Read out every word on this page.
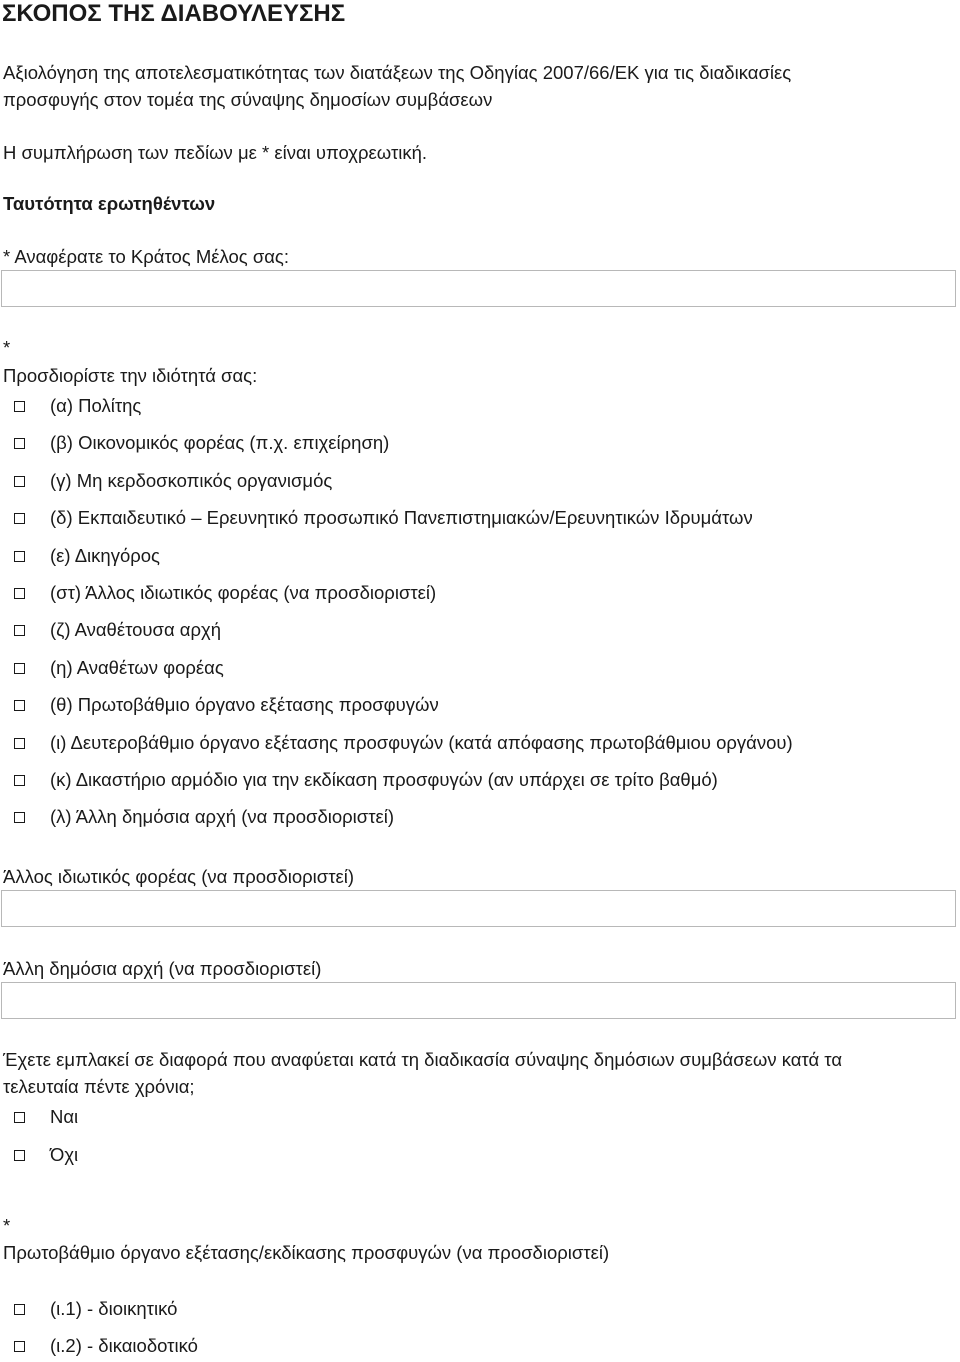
ΣΚΟΠΟΣ ΤΗΣ ΔΙΑΒΟΥΛΕΥΣΗΣ
Αξιολόγηση της αποτελεσματικότητας των διατάξεων της Οδηγίας 2007/66/ΕΚ για τις διαδικασίες
προσφυγής στον τομέα της σύναψης δημοσίων συμβάσεων
Η συμπλήρωση των πεδίων με * είναι υποχρεωτική.
Ταυτότητα ερωτηθέντων
* Αναφέρατε το Κράτος Μέλος σας:
*
Προσδιορίστε την ιδιότητά σας:
(α) Πολίτης
(β) Οικονομικός φορέας (π.χ. επιχείρηση)
(γ) Μη κερδοσκοπικός οργανισμός
(δ) Εκπαιδευτικό – Ερευνητικό προσωπικό Πανεπιστημιακών/Ερευνητικών Ιδρυμάτων
(ε) Δικηγόρος
(στ) Άλλος ιδιωτικός φορέας (να προσδιοριστεί)
(ζ) Αναθέτουσα αρχή
(η) Αναθέτων φορέας
(θ) Πρωτοβάθμιο όργανο εξέτασης προσφυγών
(ι) Δευτεροβάθμιο όργανο εξέτασης προσφυγών (κατά απόφασης πρωτοβάθμιου οργάνου)
(κ) Δικαστήριο αρμόδιο για την εκδίκαση προσφυγών (αν υπάρχει σε τρίτο βαθμό)
(λ) Άλλη δημόσια αρχή (να προσδιοριστεί)
Άλλος ιδιωτικός φορέας (να προσδιοριστεί)
Άλλη δημόσια αρχή (να προσδιοριστεί)
Έχετε εμπλακεί σε διαφορά που αναφύεται κατά τη διαδικασία σύναψης δημόσιων συμβάσεων κατά τα
τελευταία πέντε χρόνια;
Ναι
Όχι
*
Πρωτοβάθμιο όργανο εξέτασης/εκδίκασης προσφυγών (να προσδιοριστεί)
(ι.1) - διοικητικό
(ι.2) - δικαιοδοτικό
